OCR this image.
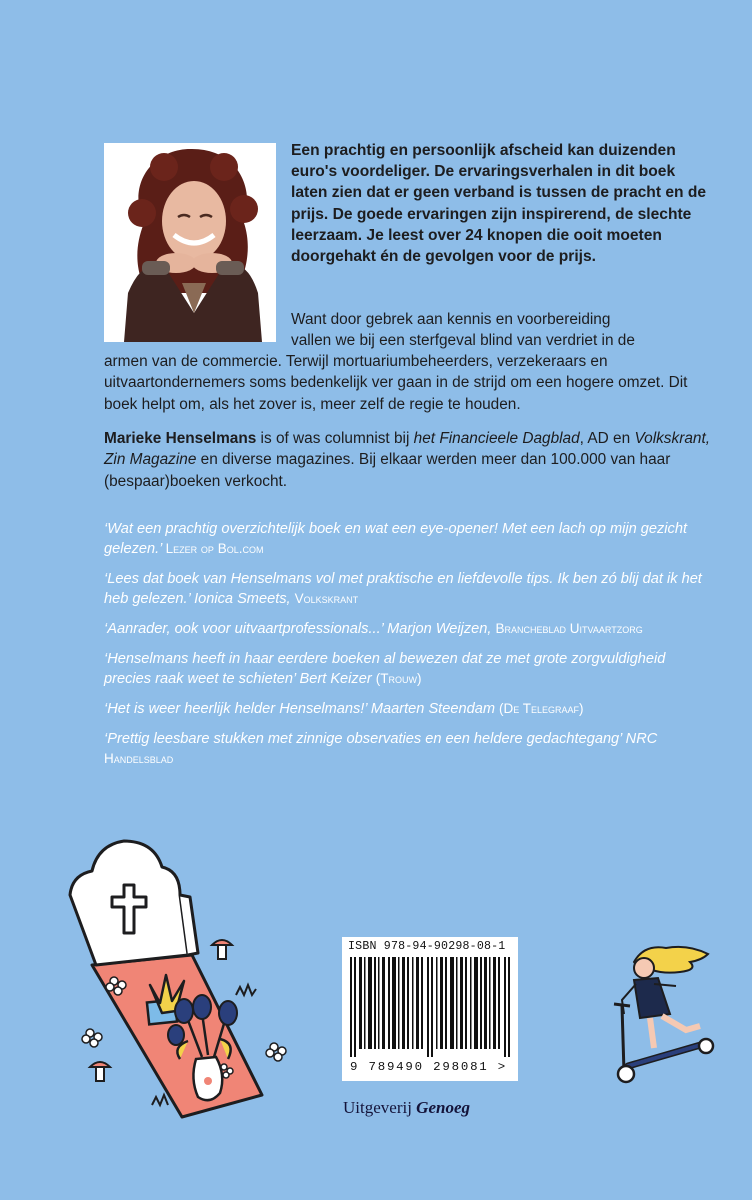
Een prachtig en persoonlijk afscheid kan duizenden euro's voordeliger. De ervaringsverhalen in dit boek laten zien dat er geen verband is tussen de pracht en de prijs. De goede ervaringen zijn inspirerend, de slechte leerzaam. Je leest over 24 knopen die ooit moeten doorgehakt én de gevolgen voor de prijs.

Want door gebrek aan kennis en voorbereiding
vallen we bij een sterfgeval blind van verdriet in de

armen van de commercie. Terwijl mortuariumbeheerders, verzekeraars en uitvaartondernemers soms bedenkelijk ver gaan in de strijd om een hogere omzet. Dit boek helpt om, als het zover is, meer zelf de regie te houden.

Marieke Henselmans is of was columnist bij het Financieele Dagblad, AD en Volkskrant, Zin Magazine en diverse magazines. Bij elkaar werden meer dan 100.000 van haar (bespaar)boeken verkocht.

‘Wat een prachtig overzichtelijk boek en wat een eye-opener! Met een lach op mijn gezicht gelezen.’ Lezer op Bol.com

‘Lees dat boek van Henselmans vol met praktische en liefdevolle tips. Ik ben zó blij dat ik het heb gelezen.’ Ionica Smeets, Volkskrant

‘Aanrader, ook voor uitvaartprofessionals...’ Marjon Weijzen, Brancheblad Uitvaartzorg

‘Henselmans heeft in haar eerdere boeken al bewezen dat ze met grote zorgvuldigheid precies raak weet te schieten’ Bert Keizer (Trouw)

‘Het is weer heerlijk helder Henselmans!’ Maarten Steendam (De Telegraaf)

‘Prettig leesbare stukken met zinnige observaties en een heldere gedachtegang’ NRC Handelsblad

ISBN 978-94-90298-08-1
9 789490 298081 >
Uitgeverij Genoeg
